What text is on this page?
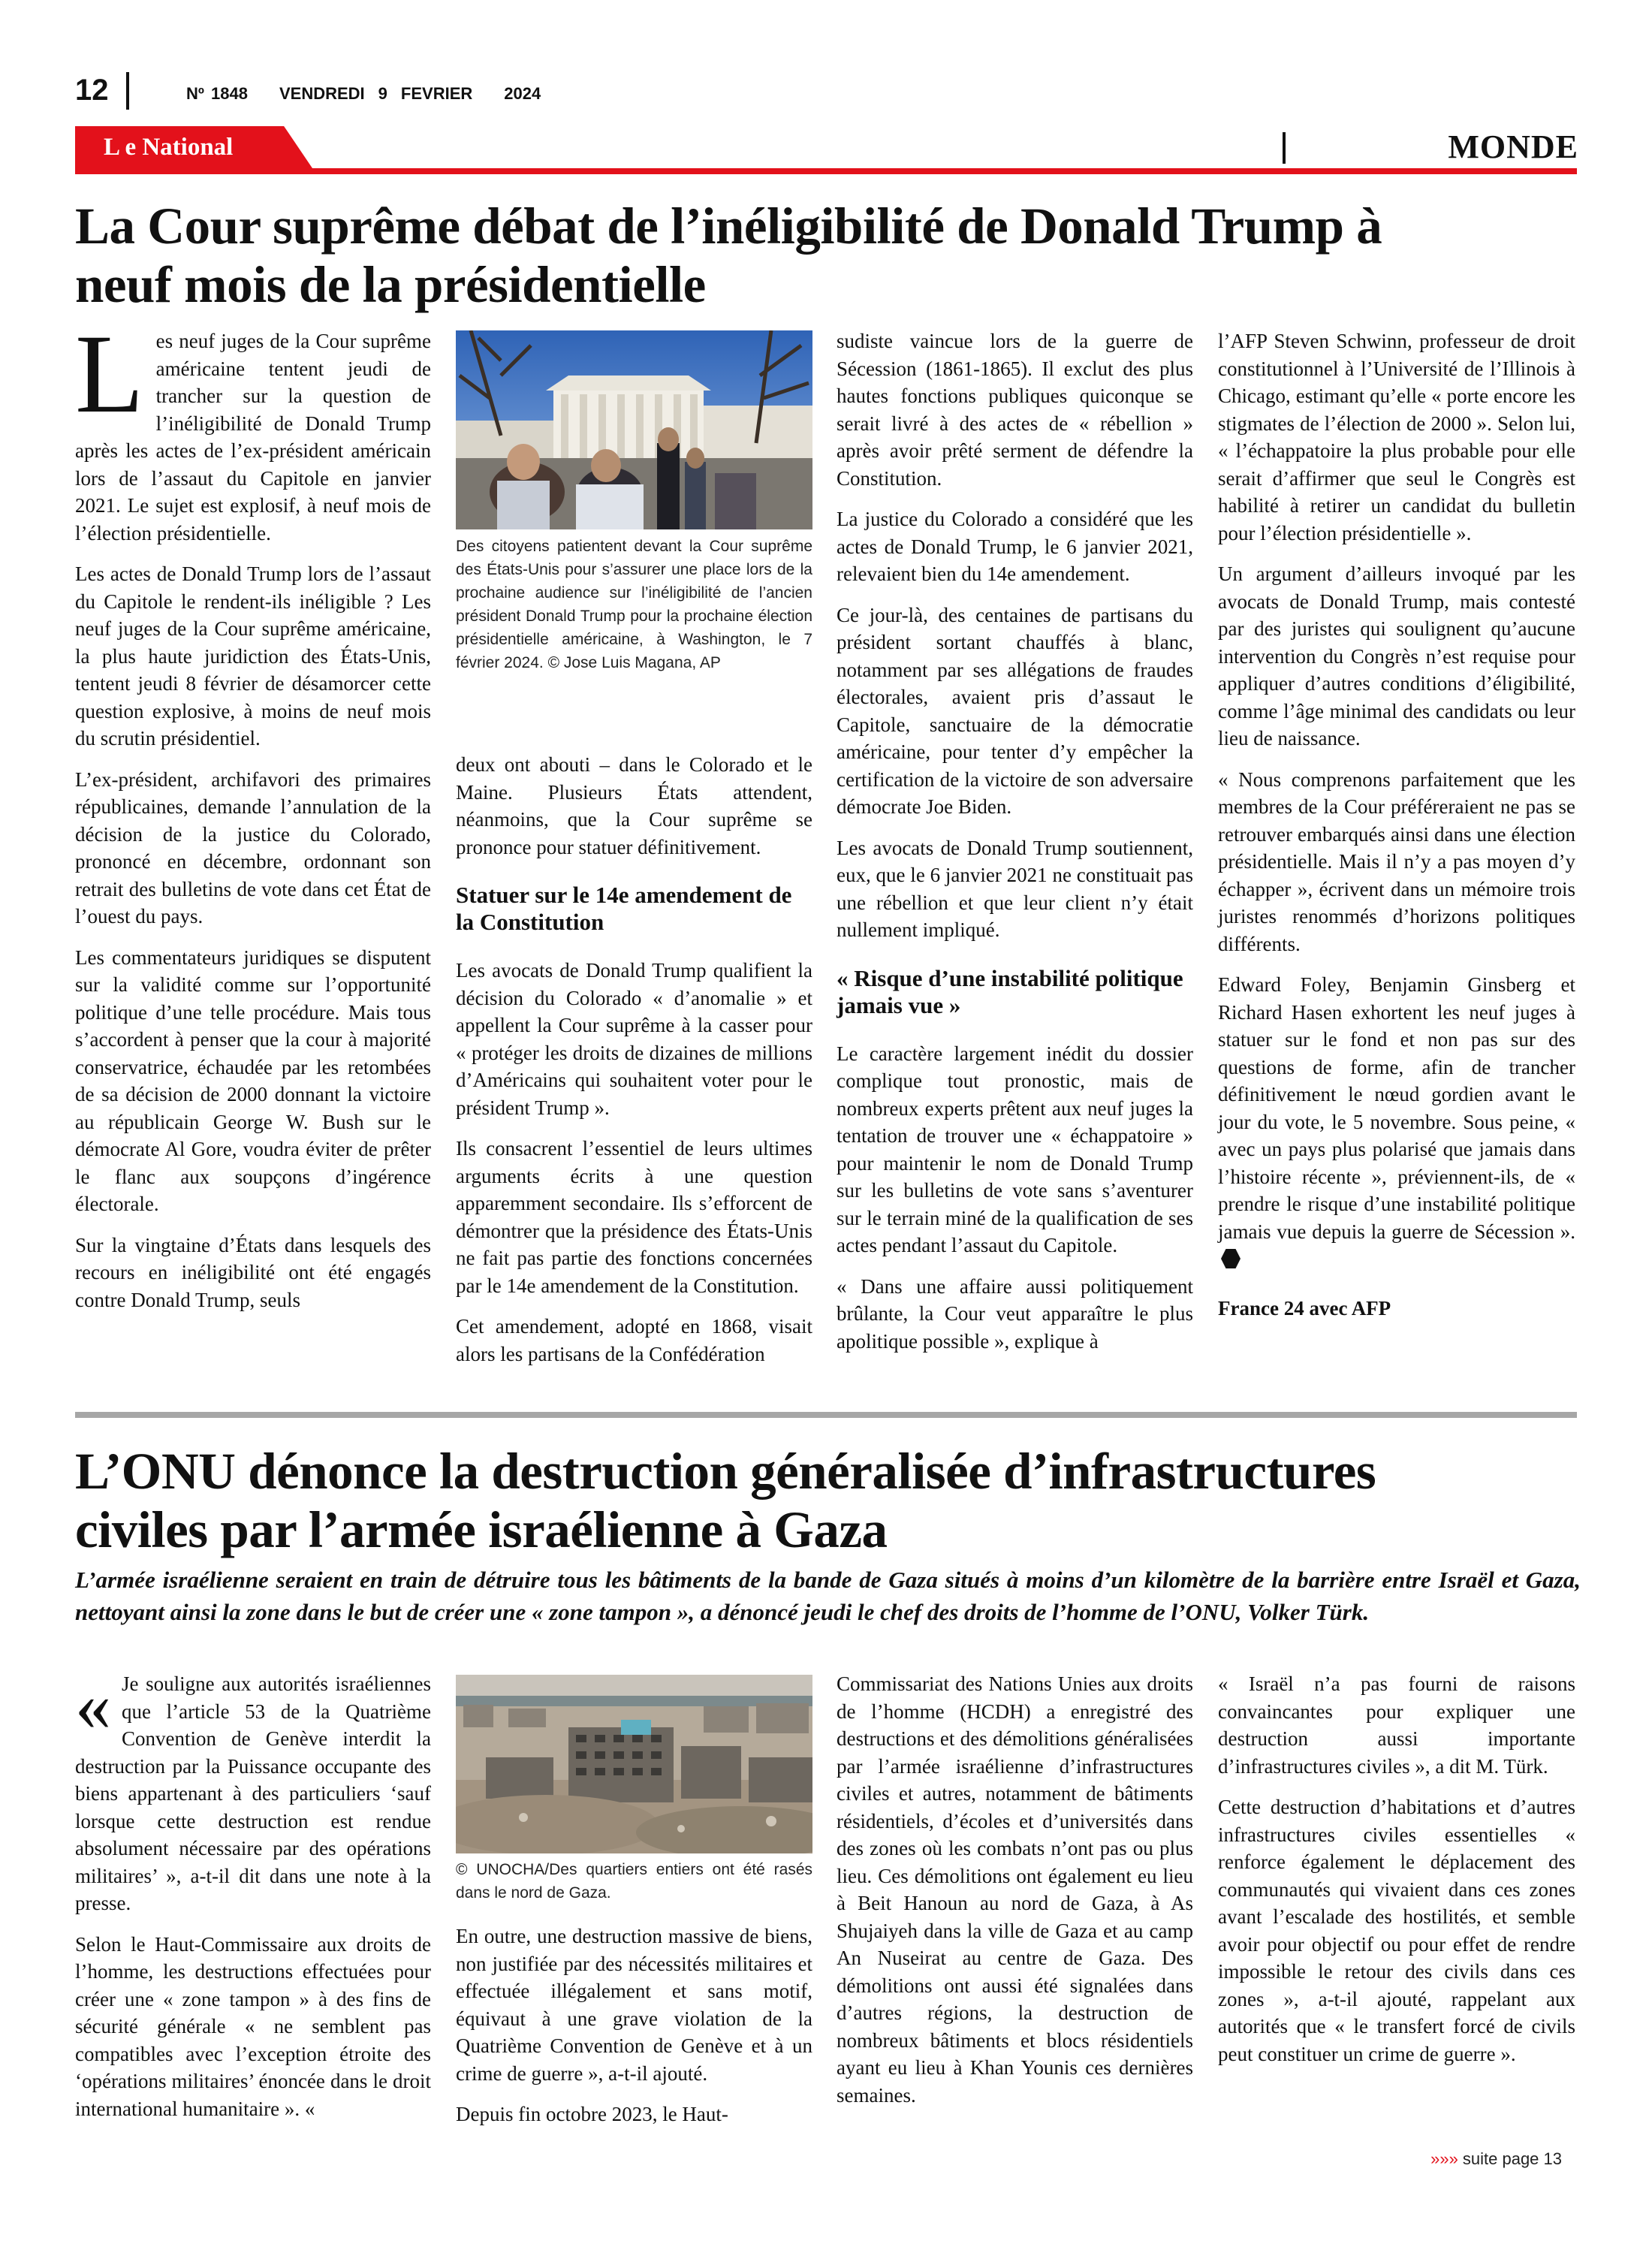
12	Nº 1848 VENDREDI 9 FEVRIER 2024
L e National	MONDE
La Cour suprême débat de l’inéligibilité de Donald Trump à
neuf mois de la présidentielle

Les neuf juges de la Cour suprême américaine tentent jeudi de trancher sur la question de l’inéligibilité de Donald Trump après les actes de l’ex-président américain lors de l’assaut du Capitole en janvier 2021. Le sujet est explosif, à neuf mois de l’élection présidentielle.

Les actes de Donald Trump lors de l’assaut du Capitole le rendent-ils inéligible ? Les neuf juges de la Cour suprême américaine, la plus haute juridiction des États-Unis, tentent jeudi 8 février de désamorcer cette question explosive, à moins de neuf mois du scrutin présidentiel.

L’ex-président, archifavori des primaires républicaines, demande l’annulation de la décision de la justice du Colorado, prononcé en décembre, ordonnant son retrait des bulletins de vote dans cet État de l’ouest du pays.

Les commentateurs juridiques se disputent sur la validité comme sur l’opportunité politique d’une telle procédure. Mais tous s’accordent à penser que la cour à majorité conservatrice, échaudée par les retombées de sa décision de 2000 donnant la victoire au républicain George W. Bush sur le démocrate Al Gore, voudra éviter de prêter le flanc aux soupçons d’ingérence électorale.

Sur la vingtaine d’États dans lesquels des recours en inéligibilité ont été engagés contre Donald Trump, seuls

Des citoyens patientent devant la Cour suprême des États-Unis pour s’assurer une place lors de la prochaine audience sur l’inéligibilité de l’ancien président Donald Trump pour la prochaine élection présidentielle américaine, à Washington, le 7 février 2024. © Jose Luis Magana, AP

deux ont abouti – dans le Colorado et le Maine. Plusieurs États attendent, néanmoins, que la Cour suprême se prononce pour statuer définitivement.

Statuer sur le 14e amendement de la Constitution

Les avocats de Donald Trump qualifient la décision du Colorado « d’anomalie » et appellent la Cour suprême à la casser pour « protéger les droits de dizaines de millions d’Américains qui souhaitent voter pour le président Trump ».

Ils consacrent l’essentiel de leurs ultimes arguments écrits à une question apparemment secondaire. Ils s’efforcent de démontrer que la présidence des États-Unis ne fait pas partie des fonctions concernées par le 14e amendement de la Constitution.

Cet amendement, adopté en 1868, visait alors les partisans de la Confédération

sudiste vaincue lors de la guerre de Sécession (1861-1865). Il exclut des plus hautes fonctions publiques quiconque se serait livré à des actes de « rébellion » après avoir prêté serment de défendre la Constitution.

La justice du Colorado a considéré que les actes de Donald Trump, le 6 janvier 2021, relevaient bien du 14e amendement.

Ce jour-là, des centaines de partisans du président sortant chauffés à blanc, notamment par ses allégations de fraudes électorales, avaient pris d’assaut le Capitole, sanctuaire de la démocratie américaine, pour tenter d’y empêcher la certification de la victoire de son adversaire démocrate Joe Biden.

Les avocats de Donald Trump soutiennent, eux, que le 6 janvier 2021 ne constituait pas une rébellion et que leur client n’y était nullement impliqué.

« Risque d’une instabilité politique jamais vue »

Le caractère largement inédit du dossier complique tout pronostic, mais de nombreux experts prêtent aux neuf juges la tentation de trouver une « échappatoire » pour maintenir le nom de Donald Trump sur les bulletins de vote sans s’aventurer sur le terrain miné de la qualification de ses actes pendant l’assaut du Capitole.

« Dans une affaire aussi politiquement brûlante, la Cour veut apparaître le plus apolitique possible », explique à

l’AFP Steven Schwinn, professeur de droit constitutionnel à l’Université de l’Illinois à Chicago, estimant qu’elle « porte encore les stigmates de l’élection de 2000 ». Selon lui, « l’échappatoire la plus probable pour elle serait d’affirmer que seul le Congrès est habilité à retirer un candidat du bulletin pour l’élection présidentielle ».

Un argument d’ailleurs invoqué par les avocats de Donald Trump, mais contesté par des juristes qui soulignent qu’aucune intervention du Congrès n’est requise pour appliquer d’autres conditions d’éligibilité, comme l’âge minimal des candidats ou leur lieu de naissance.

« Nous comprenons parfaitement que les membres de la Cour préféreraient ne pas se retrouver embarqués ainsi dans une élection présidentielle. Mais il n’y a pas moyen d’y échapper », écrivent dans un mémoire trois juristes renommés d’horizons politiques différents.

Edward Foley, Benjamin Ginsberg et Richard Hasen exhortent les neuf juges à statuer sur le fond et non pas sur des questions de forme, afin de trancher définitivement le nœud gordien avant le jour du vote, le 5 novembre. Sous peine, « avec un pays plus polarisé que jamais dans l’histoire récente », préviennent-ils, de « prendre le risque d’une instabilité politique jamais vue depuis la guerre de Sécession ».

France 24 avec AFP

L’ONU dénonce la destruction généralisée d’infrastructures
civiles par l’armée israélienne à Gaza
L’armée israélienne seraient en train de détruire tous les bâtiments de la bande de Gaza situés à moins d’un kilomètre de la barrière entre Israël et Gaza, nettoyant ainsi la zone dans le but de créer une « zone tampon », a dénoncé jeudi le chef des droits de l’homme de l’ONU, Volker Türk.

« Je souligne aux autorités israéliennes que l’article 53 de la Quatrième Convention de Genève interdit la destruction par la Puissance occupante des biens appartenant à des particuliers ‘sauf lorsque cette destruction est rendue absolument nécessaire par des opérations militaires’ », a-t-il dit dans une note à la presse.

Selon le Haut-Commissaire aux droits de l’homme, les destructions effectuées pour créer une « zone tampon » à des fins de sécurité générale « ne semblent pas compatibles avec l’exception étroite des ‘opérations militaires’ énoncée dans le droit international humanitaire ». «

© UNOCHA/Des quartiers entiers ont été rasés dans le nord de Gaza.

En outre, une destruction massive de biens, non justifiée par des nécessités militaires et effectuée illégalement et sans motif, équivaut à une grave violation de la Quatrième Convention de Genève et à un crime de guerre », a-t-il ajouté.

Depuis fin octobre 2023, le Haut-

Commissariat des Nations Unies aux droits de l’homme (HCDH) a enregistré des destructions et des démolitions généralisées par l’armée israélienne d’infrastructures civiles et autres, notamment de bâtiments résidentiels, d’écoles et d’universités dans des zones où les combats n’ont pas ou plus lieu. Ces démolitions ont également eu lieu à Beit Hanoun au nord de Gaza, à As Shujaiyeh dans la ville de Gaza et au camp An Nuseirat au centre de Gaza. Des démolitions ont aussi été signalées dans d’autres régions, la destruction de nombreux bâtiments et blocs résidentiels ayant eu lieu à Khan Younis ces dernières semaines.

« Israël n’a pas fourni de raisons convaincantes pour expliquer une destruction aussi importante d’infrastructures civiles », a dit M. Türk.

Cette destruction d’habitations et d’autres infrastructures civiles essentielles « renforce également le déplacement des communautés qui vivaient dans ces zones avant l’escalade des hostilités, et semble avoir pour objectif ou pour effet de rendre impossible le retour des civils dans ces zones », a-t-il ajouté, rappelant aux autorités que « le transfert forcé de civils peut constituer un crime de guerre ».

»»» suite page 13
